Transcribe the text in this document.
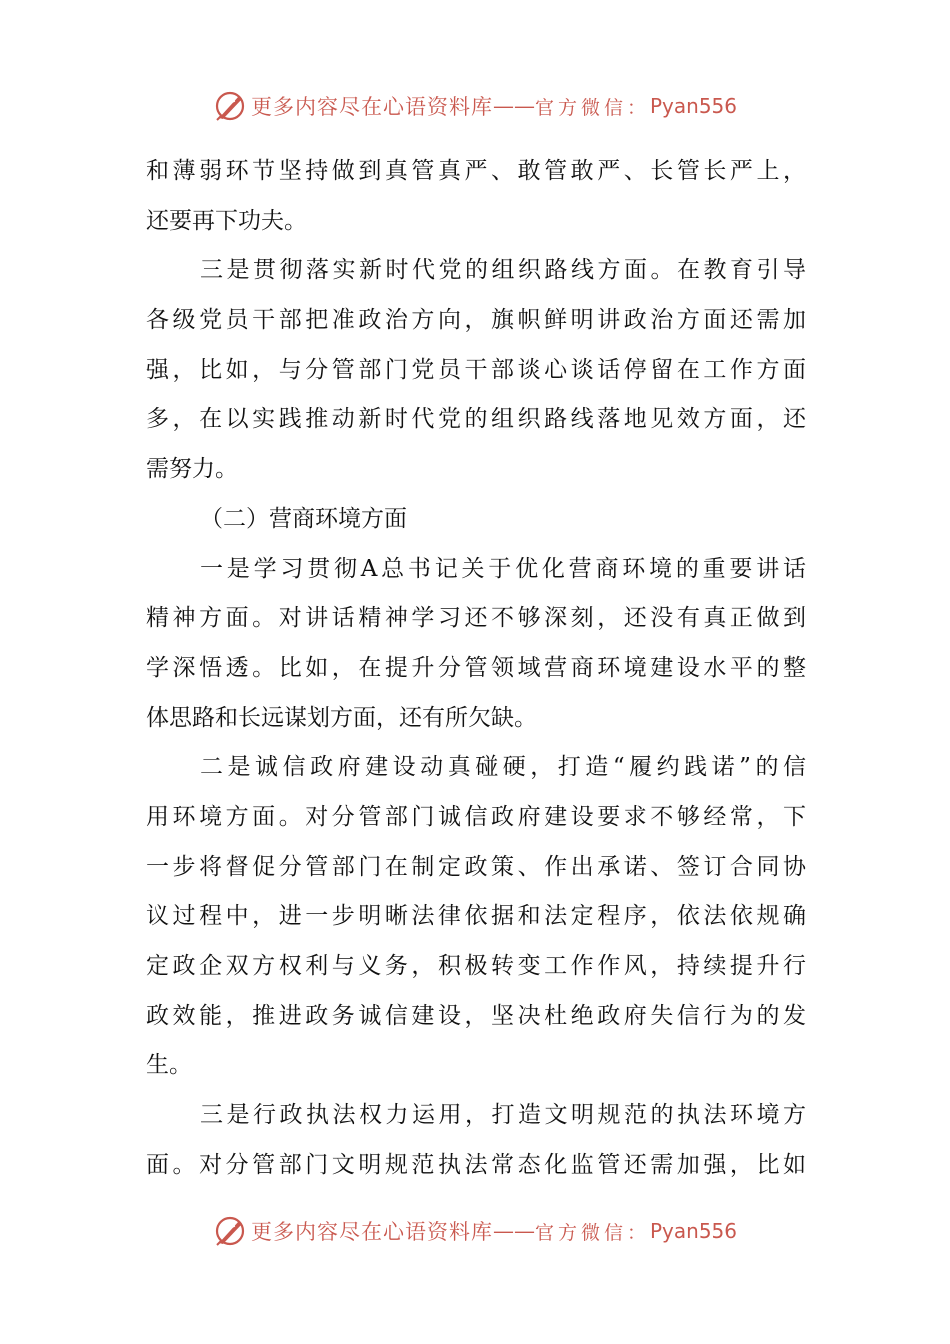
更多内容尽在心语资料库 —— 官方微信： Pyan556
和薄弱环节坚持做到真管真严、敢管敢严、长管长严上，
还要再下功夫。
三是贯彻落实新时代党的组织路线方面。在教育引导
各级党员干部把准政治方向，旗帜鲜明讲政治方面还需加
强，比如，与分管部门党员干部谈心谈话停留在工作方面
多，在以实践推动新时代党的组织路线落地见效方面，还
需努力。
（二）营商环境方面
一是学习贯彻A总书记关于优化营商环境的重要讲话
精神方面。对讲话精神学习还不够深刻，还没有真正做到
学深悟透。比如，在提升分管领域营商环境建设水平的整
体思路和长远谋划方面，还有所欠缺。
二是诚信政府建设动真碰硬，打造“履约践诺”的信
用环境方面。对分管部门诚信政府建设要求不够经常，下
一步将督促分管部门在制定政策、作出承诺、签订合同协
议过程中，进一步明晰法律依据和法定程序，依法依规确
定政企双方权利与义务，积极转变工作作风，持续提升行
政效能，推进政务诚信建设，坚决杜绝政府失信行为的发
生。
三是行政执法权力运用，打造文明规范的执法环境方
面。对分管部门文明规范执法常态化监管还需加强，比如
更多内容尽在心语资料库 —— 官方微信： Pyan556
